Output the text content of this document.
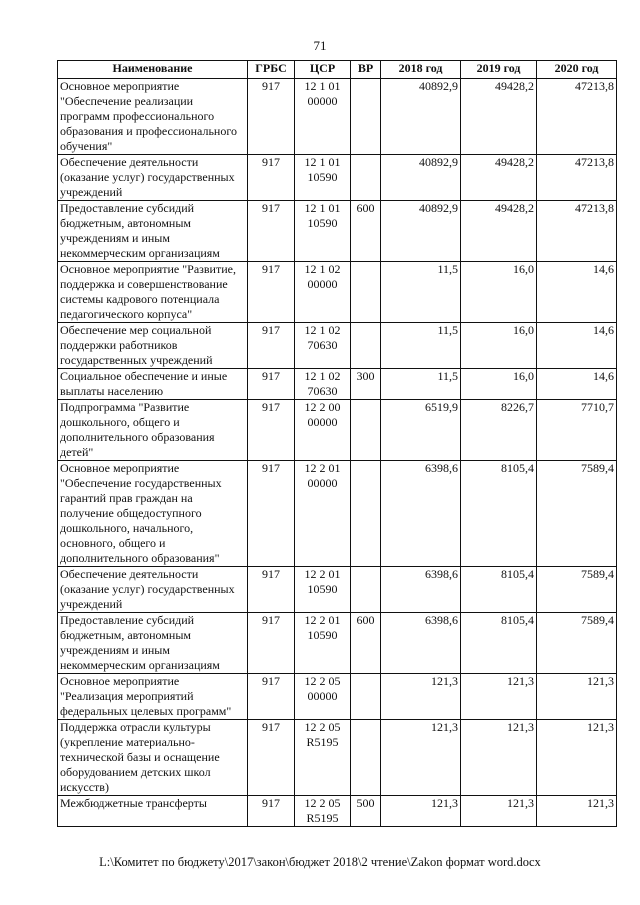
71
Наименование	ГРБС	ЦСР	ВР	2018 год	2019 год	2020 год
Основное мероприятие "Обеспечение реализации программ профессионального образования и профессионального обучения"	917	12 1 01 00000		40892,9	49428,2	47213,8
Обеспечение деятельности (оказание услуг) государственных учреждений	917	12 1 01 10590		40892,9	49428,2	47213,8
Предоставление субсидий бюджетным, автономным учреждениям и иным некоммерческим организациям	917	12 1 01 10590	600	40892,9	49428,2	47213,8
Основное мероприятие "Развитие, поддержка и совершенствование системы кадрового потенциала педагогического корпуса"	917	12 1 02 00000		11,5	16,0	14,6
Обеспечение мер социальной поддержки работников государственных учреждений	917	12 1 02 70630		11,5	16,0	14,6
Социальное обеспечение и иные выплаты населению	917	12 1 02 70630	300	11,5	16,0	14,6
Подпрограмма "Развитие дошкольного, общего и дополнительного образования детей"	917	12 2 00 00000		6519,9	8226,7	7710,7
Основное мероприятие "Обеспечение государственных гарантий прав граждан на получение общедоступного дошкольного, начального, основного, общего и дополнительного образования"	917	12 2 01 00000		6398,6	8105,4	7589,4
Обеспечение деятельности (оказание услуг) государственных учреждений	917	12 2 01 10590		6398,6	8105,4	7589,4
Предоставление субсидий бюджетным, автономным учреждениям и иным некоммерческим организациям	917	12 2 01 10590	600	6398,6	8105,4	7589,4
Основное мероприятие "Реализация мероприятий федеральных целевых программ"	917	12 2 05 00000		121,3	121,3	121,3
Поддержка отрасли культуры (укрепление материально-технической базы и оснащение оборудованием детских школ искусств)	917	12 2 05 R5195		121,3	121,3	121,3
Межбюджетные трансферты	917	12 2 05 R5195	500	121,3	121,3	121,3
L:\Комитет по бюджету\2017\закон\бюджет 2018\2 чтение\Zakon формат word.docx
